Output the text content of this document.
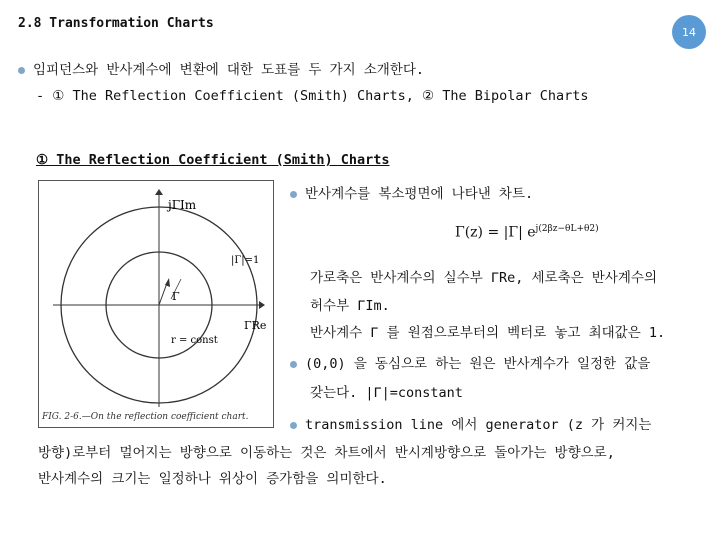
2.8 Transformation Charts
14
임피던스와 반사계수에 변환에 대한 도표를 두 가지 소개한다.
- ① The Reflection Coefficient (Smith) Charts, ② The Bipolar Charts
① The Reflection Coefficient (Smith) Charts
Γ
jΓIm
ΓRe
|Γ|=1
r = const
FIG. 2-6.—On the reflection coefficient chart.
반사계수를 복소평면에 나타낸 차트.
Γ(z) = |Γ| $e^{j(2\beta z-\theta L+\theta 2)}$
가로축은 반사계수의 실수부 ΓRe, 세로축은 반사계수의
허수부 ΓIm.
반사계수 Γ 를 원점으로부터의 벡터로 놓고 최대값은 1.
(0,0) 을 동심으로 하는 원은 반사계수가 일정한 값을
갖는다. |Γ|=constant
transmission line 에서 generator (z 가 커지는
방향)로부터 멀어지는 방향으로 이동하는 것은 차트에서 반시계방향으로 돌아가는 방향으로,
반사계수의 크기는 일정하나 위상이 증가함을 의미한다.
